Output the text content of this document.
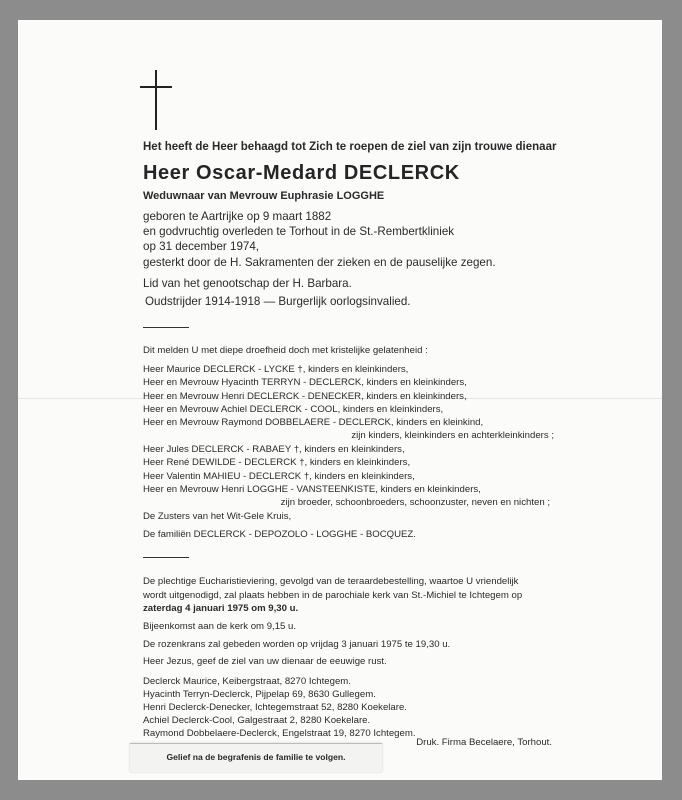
Het heeft de Heer behaagd tot Zich te roepen de ziel van zijn trouwe dienaar
Heer Oscar-Medard DECLERCK
Weduwnaar van Mevrouw Euphrasie LOGGHE
geboren te Aartrijke op 9 maart 1882
en godvruchtig overleden te Torhout in de St.-Rembertkliniek
op 31 december 1974,
gesterkt door de H. Sakramenten der zieken en de pauselijke zegen.
Lid van het genootschap der H. Barbara.
Oudstrijder 1914-1918 — Burgerlijk oorlogsinvalied.
Dit melden U met diepe droefheid doch met kristelijke gelatenheid :
Heer Maurice DECLERCK - LYCKE †, kinders en kleinkinders,
Heer en Mevrouw Hyacinth TERRYN - DECLERCK, kinders en kleinkinders,
Heer en Mevrouw Henri DECLERCK - DENECKER, kinders en kleinkinders,
Heer en Mevrouw Achiel DECLERCK - COOL, kinders en kleinkinders,
Heer en Mevrouw Raymond DOBBELAERE - DECLERCK, kinders en kleinkind,
zijn kinders, kleinkinders en achterkleinkinders ;
Heer Jules DECLERCK - RABAEY †, kinders en kleinkinders,
Heer René DEWILDE - DECLERCK †, kinders en kleinkinders,
Heer Valentin MAHIEU - DECLERCK †, kinders en kleinkinders,
Heer en Mevrouw Henri LOGGHE - VANSTEENKISTE, kinders en kleinkinders,
zijn broeder, schoonbroeders, schoonzuster, neven en nichten ;
De Zusters van het Wit-Gele Kruis,
De familiën DECLERCK - DEPOZOLO - LOGGHE - BOCQUEZ.
De plechtige Eucharistieviering, gevolgd van de teraardebestelling, waartoe U vriendelijk
wordt uitgenodigd, zal plaats hebben in de parochiale kerk van St.-Michiel te Ichtegem op
zaterdag 4 januari 1975 om 9,30 u.
Bijeenkomst aan de kerk om 9,15 u.
De rozenkrans zal gebeden worden op vrijdag 3 januari 1975 te 19,30 u.
Heer Jezus, geef de ziel van uw dienaar de eeuwige rust.
Declerck Maurice, Keibergstraat, 8270 Ichtegem.
Hyacinth Terryn-Declerck, Pijpelap 69, 8630 Gullegem.
Henri Declerck-Denecker, Ichtegemstraat 52, 8280 Koekelare.
Achiel Declerck-Cool, Galgestraat 2, 8280 Koekelare.
Raymond Dobbelaere-Declerck, Engelstraat 19, 8270 Ichtegem.
Druk. Firma Becelaere, Torhout.
Gelief na de begrafenis de familie te volgen.
